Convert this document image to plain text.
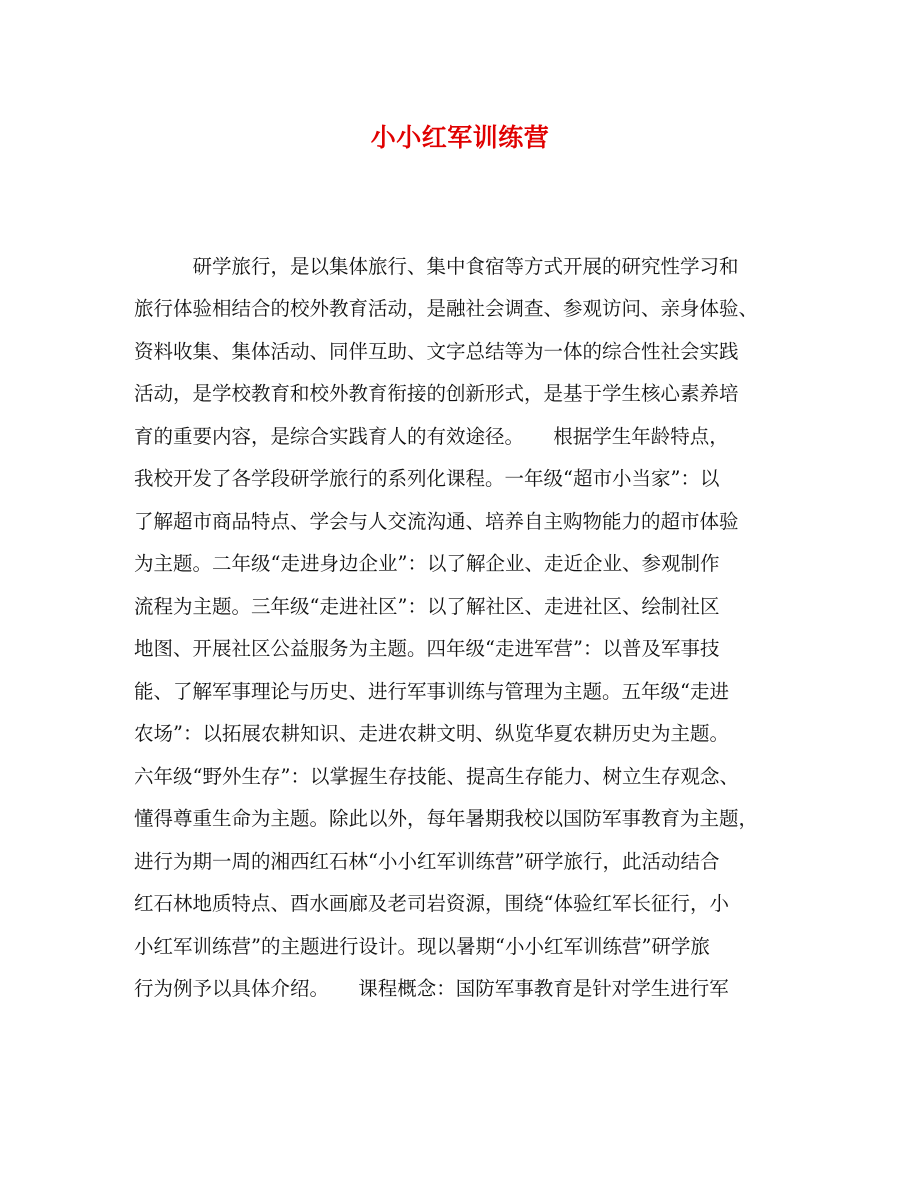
小小红军训练营
　　　研学旅行，是以集体旅行、集中食宿等方式开展的研究性学习和
旅行体验相结合的校外教育活动，是融社会调查、参观访问、亲身体验、
资料收集、集体活动、同伴互助、文字总结等为一体的综合性社会实践
活动，是学校教育和校外教育衔接的创新形式，是基于学生核心素养培
育的重要内容，是综合实践育人的有效途径。　　根据学生年龄特点，
我校开发了各学段研学旅行的系列化课程。一年级“超市小当家”：以
了解超市商品特点、学会与人交流沟通、培养自主购物能力的超市体验
为主题。二年级“走进身边企业”：以了解企业、走近企业、参观制作
流程为主题。三年级“走进社区”：以了解社区、走进社区、绘制社区
地图、开展社区公益服务为主题。四年级“走进军营”：以普及军事技
能、了解军事理论与历史、进行军事训练与管理为主题。五年级“走进
农场”：以拓展农耕知识、走进农耕文明、纵览华夏农耕历史为主题。
六年级“野外生存”：以掌握生存技能、提高生存能力、树立生存观念、
懂得尊重生命为主题。除此以外，每年暑期我校以国防军事教育为主题，
进行为期一周的湘西红石林“小小红军训练营”研学旅行，此活动结合
红石林地质特点、酉水画廊及老司岩资源，围绕“体验红军长征行，小
小红军训练营”的主题进行设计。现以暑期“小小红军训练营”研学旅
行为例予以具体介绍。　　课程概念：国防军事教育是针对学生进行军
